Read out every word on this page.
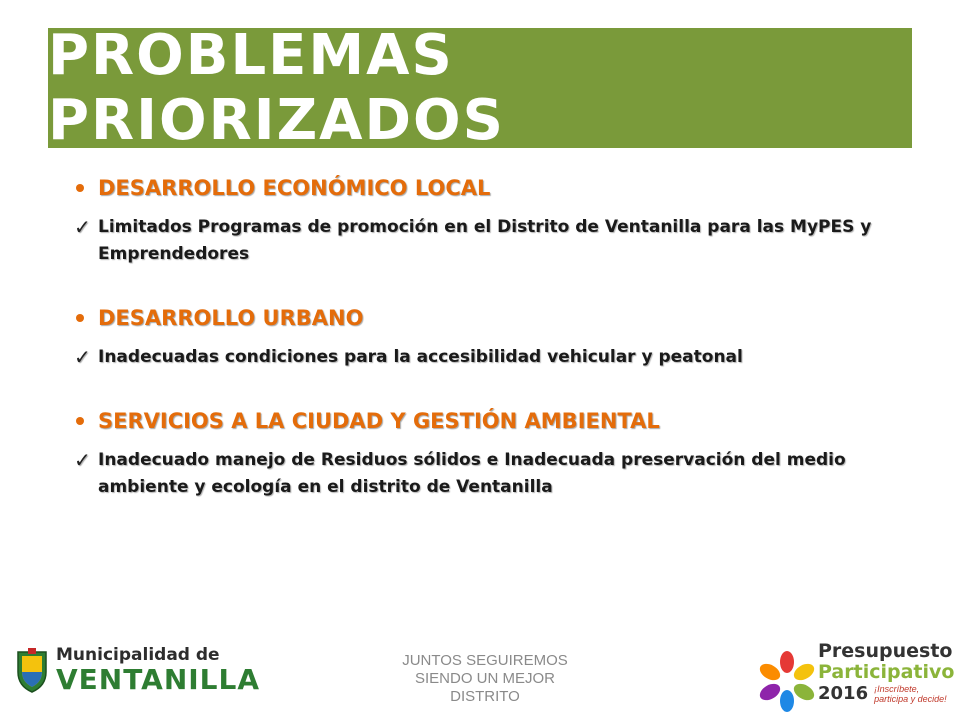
PROBLEMAS PRIORIZADOS
DESARROLLO ECONÓMICO LOCAL
✓ Limitados Programas de promoción en el Distrito de Ventanilla para las MyPES y Emprendedores
DESARROLLO URBANO
✓ Inadecuadas condiciones para la accesibilidad vehicular y peatonal
SERVICIOS A LA CIUDAD Y GESTIÓN AMBIENTAL
✓ Inadecuado manejo de Residuos sólidos e Inadecuada preservación del medio ambiente y ecología en el distrito de Ventanilla
Municipalidad de
VENTANILLA
JUNTOS SEGUIREMOS
SIENDO UN MEJOR DISTRITO
Presupuesto
Participativo
2016 ¡Inscríbete, participa y decide!
